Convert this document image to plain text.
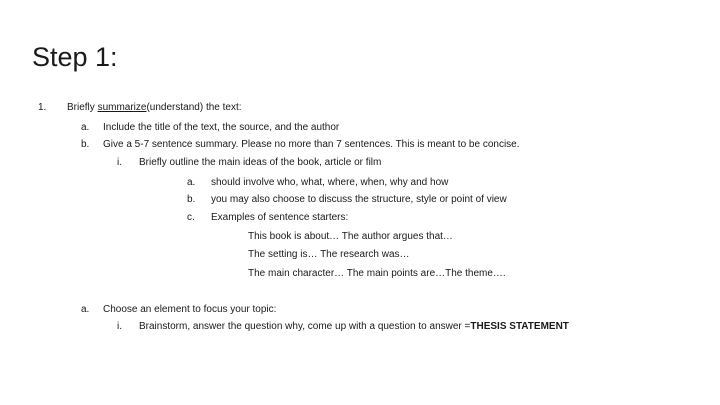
Step 1:
1. Briefly summarize(understand) the text:
a. Include the title of the text, the source, and the author
b. Give a 5-7 sentence summary. Please no more than 7 sentences. This is meant to be concise.
i. Briefly outline the main ideas of the book, article or film
a. should involve who, what, where, when, why and how
b. you may also choose to discuss the structure, style or point of view
c. Examples of sentence starters:
This book is about… The author argues that…
The setting is… The research was…
The main character… The main points are…The theme….
a. Choose an element to focus your topic:
i. Brainstorm, answer the question why, come up with a question to answer =THESIS STATEMENT
